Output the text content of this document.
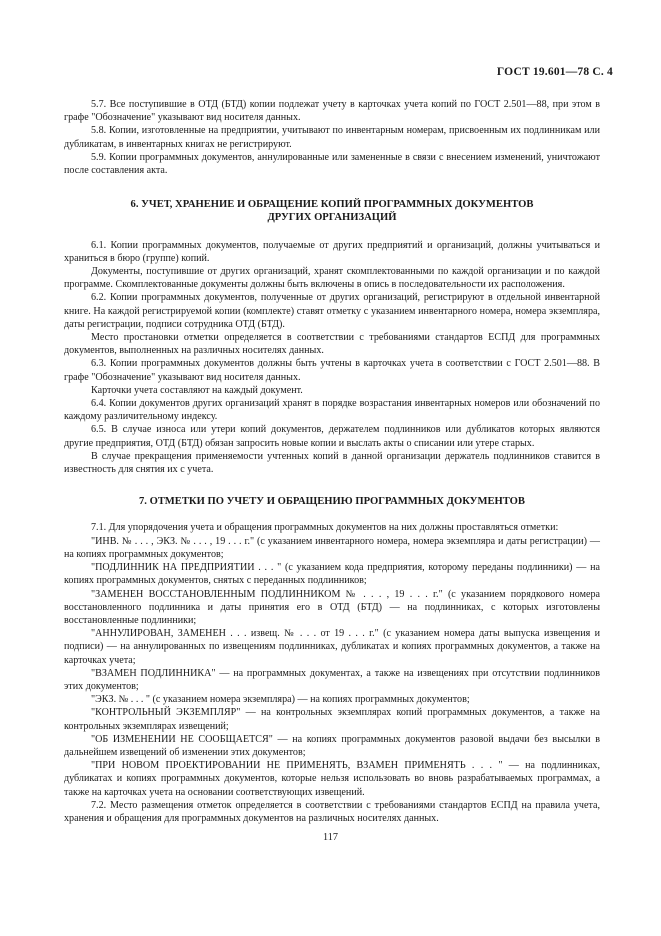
ГОСТ 19.601—78 С. 4

5.7. Все поступившие в ОТД (БТД) копии подлежат учету в карточках учета копий по ГОСТ 2.501—88, при этом в графе "Обозначение" указывают вид носителя данных.

5.8. Копии, изготовленные на предприятии, учитывают по инвентарным номерам, присвоенным их подлинникам или дубликатам, в инвентарных книгах не регистрируют.

5.9. Копии программных документов, аннулированные или замененные в связи с внесением изменений, уничтожают после составления акта.

6. УЧЕТ, ХРАНЕНИЕ И ОБРАЩЕНИЕ КОПИЙ ПРОГРАММНЫХ ДОКУМЕНТОВ
ДРУГИХ ОРГАНИЗАЦИЙ

6.1. Копии программных документов, получаемые от других предприятий и организаций, должны учитываться и храниться в бюро (группе) копий.

Документы, поступившие от других организаций, хранят скомплектованными по каждой организации и по каждой программе. Скомплектованные документы должны быть включены в опись в последовательности их расположения.

6.2. Копии программных документов, полученные от других организаций, регистрируют в отдельной инвентарной книге. На каждой регистрируемой копии (комплекте) ставят отметку с указанием инвентарного номера, номера экземпляра, даты регистрации, подписи сотрудника ОТД (БТД).

Место простановки отметки определяется в соответствии с требованиями стандартов ЕСПД для программных документов, выполненных на различных носителях данных.

6.3. Копии программных документов должны быть учтены в карточках учета в соответствии с ГОСТ 2.501—88. В графе "Обозначение" указывают вид носителя данных.

Карточки учета составляют на каждый документ.

6.4. Копии документов других организаций хранят в порядке возрастания инвентарных номеров или обозначений по каждому различительному индексу.

6.5. В случае износа или утери копий документов, держателем подлинников или дубликатов которых являются другие предприятия, ОТД (БТД) обязан запросить новые копии и выслать акты о списании или утере старых.

В случае прекращения применяемости учтенных копий в данной организации держатель подлинников ставится в известность для снятия их с учета.

7. ОТМЕТКИ ПО УЧЕТУ И ОБРАЩЕНИЮ ПРОГРАММНЫХ ДОКУМЕНТОВ

7.1. Для упорядочения учета и обращения программных документов на них должны проставляться отметки:

"ИНВ. № . . . , ЭКЗ. № . . . , 19 . . . г." (с указанием инвентарного номера, номера экземпляра и даты регистрации) — на копиях программных документов;

"ПОДЛИННИК НА ПРЕДПРИЯТИИ . . . " (с указанием кода предприятия, которому переданы подлинники) — на копиях программных документов, снятых с переданных подлинников;

"ЗАМЕНЕН ВОССТАНОВЛЕННЫМ ПОДЛИННИКОМ № . . . , 19 . . . г." (с указанием порядкового номера восстановленного подлинника и даты принятия его в ОТД (БТД) — на подлинниках, с которых изготовлены восстановленные подлинники;

"АННУЛИРОВАН, ЗАМЕНЕН . . . извещ. № . . . от 19 . . . г." (с указанием номера даты выпуска извещения и подписи) — на аннулированных по извещениям подлинниках, дубликатах и копиях программных документов, а также на карточках учета;

"ВЗАМЕН ПОДЛИННИКА" — на программных документах, а также на извещениях при отсутствии подлинников этих документов;

"ЭКЗ. № . . . " (с указанием номера экземпляра) — на копиях программных документов;

"КОНТРОЛЬНЫЙ ЭКЗЕМПЛЯР" — на контрольных экземплярах копий программных документов, а также на контрольных экземплярах извещений;

"ОБ ИЗМЕНЕНИИ НЕ СООБЩАЕТСЯ" — на копиях программных документов разовой выдачи без высылки в дальнейшем извещений об изменении этих документов;

"ПРИ НОВОМ ПРОЕКТИРОВАНИИ НЕ ПРИМЕНЯТЬ, ВЗАМЕН ПРИМЕНЯТЬ . . . " — на подлинниках, дубликатах и копиях программных документов, которые нельзя использовать во вновь разрабатываемых программах, а также на карточках учета на основании соответствующих извещений.

7.2. Место размещения отметок определяется в соответствии с требованиями стандартов ЕСПД на правила учета, хранения и обращения для программных документов на различных носителях данных.

117
